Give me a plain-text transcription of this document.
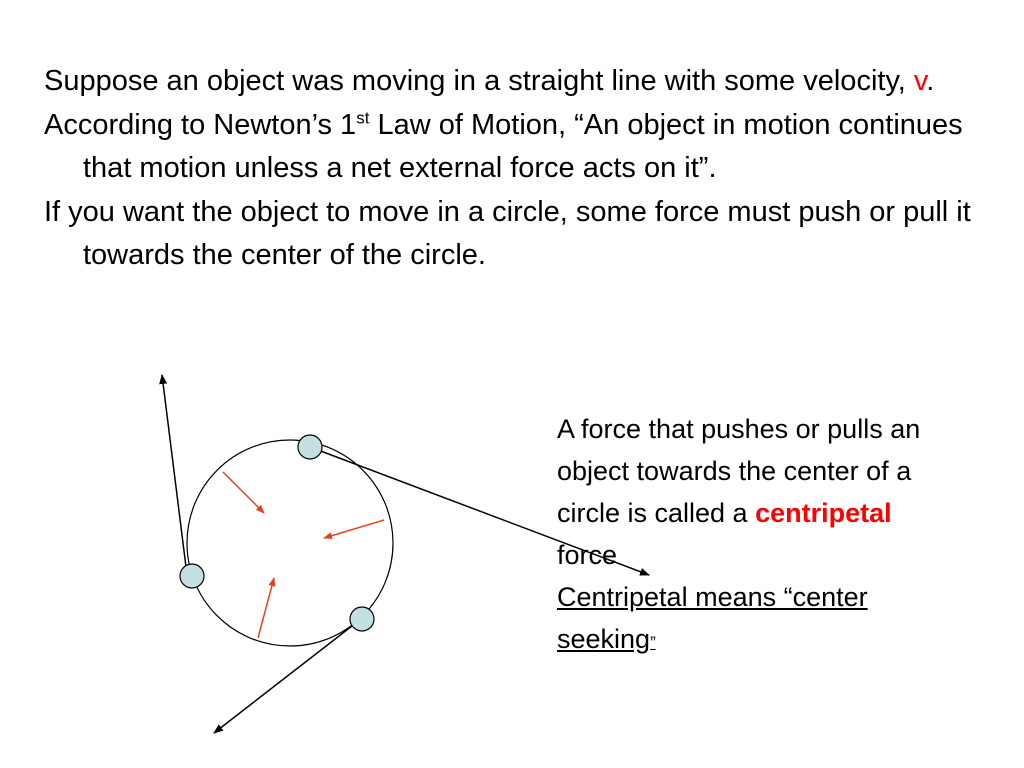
Suppose an object was moving in a straight line with some velocity, v.
According to Newton’s 1st Law of Motion, “An object in motion continues that motion unless a net external force acts on it”.
If you want the object to move in a circle, some force must push or pull it towards the center of the circle.
A force that pushes or pulls an object towards the center of a circle is called a centripetal force
Centripetal means “center seeking”
